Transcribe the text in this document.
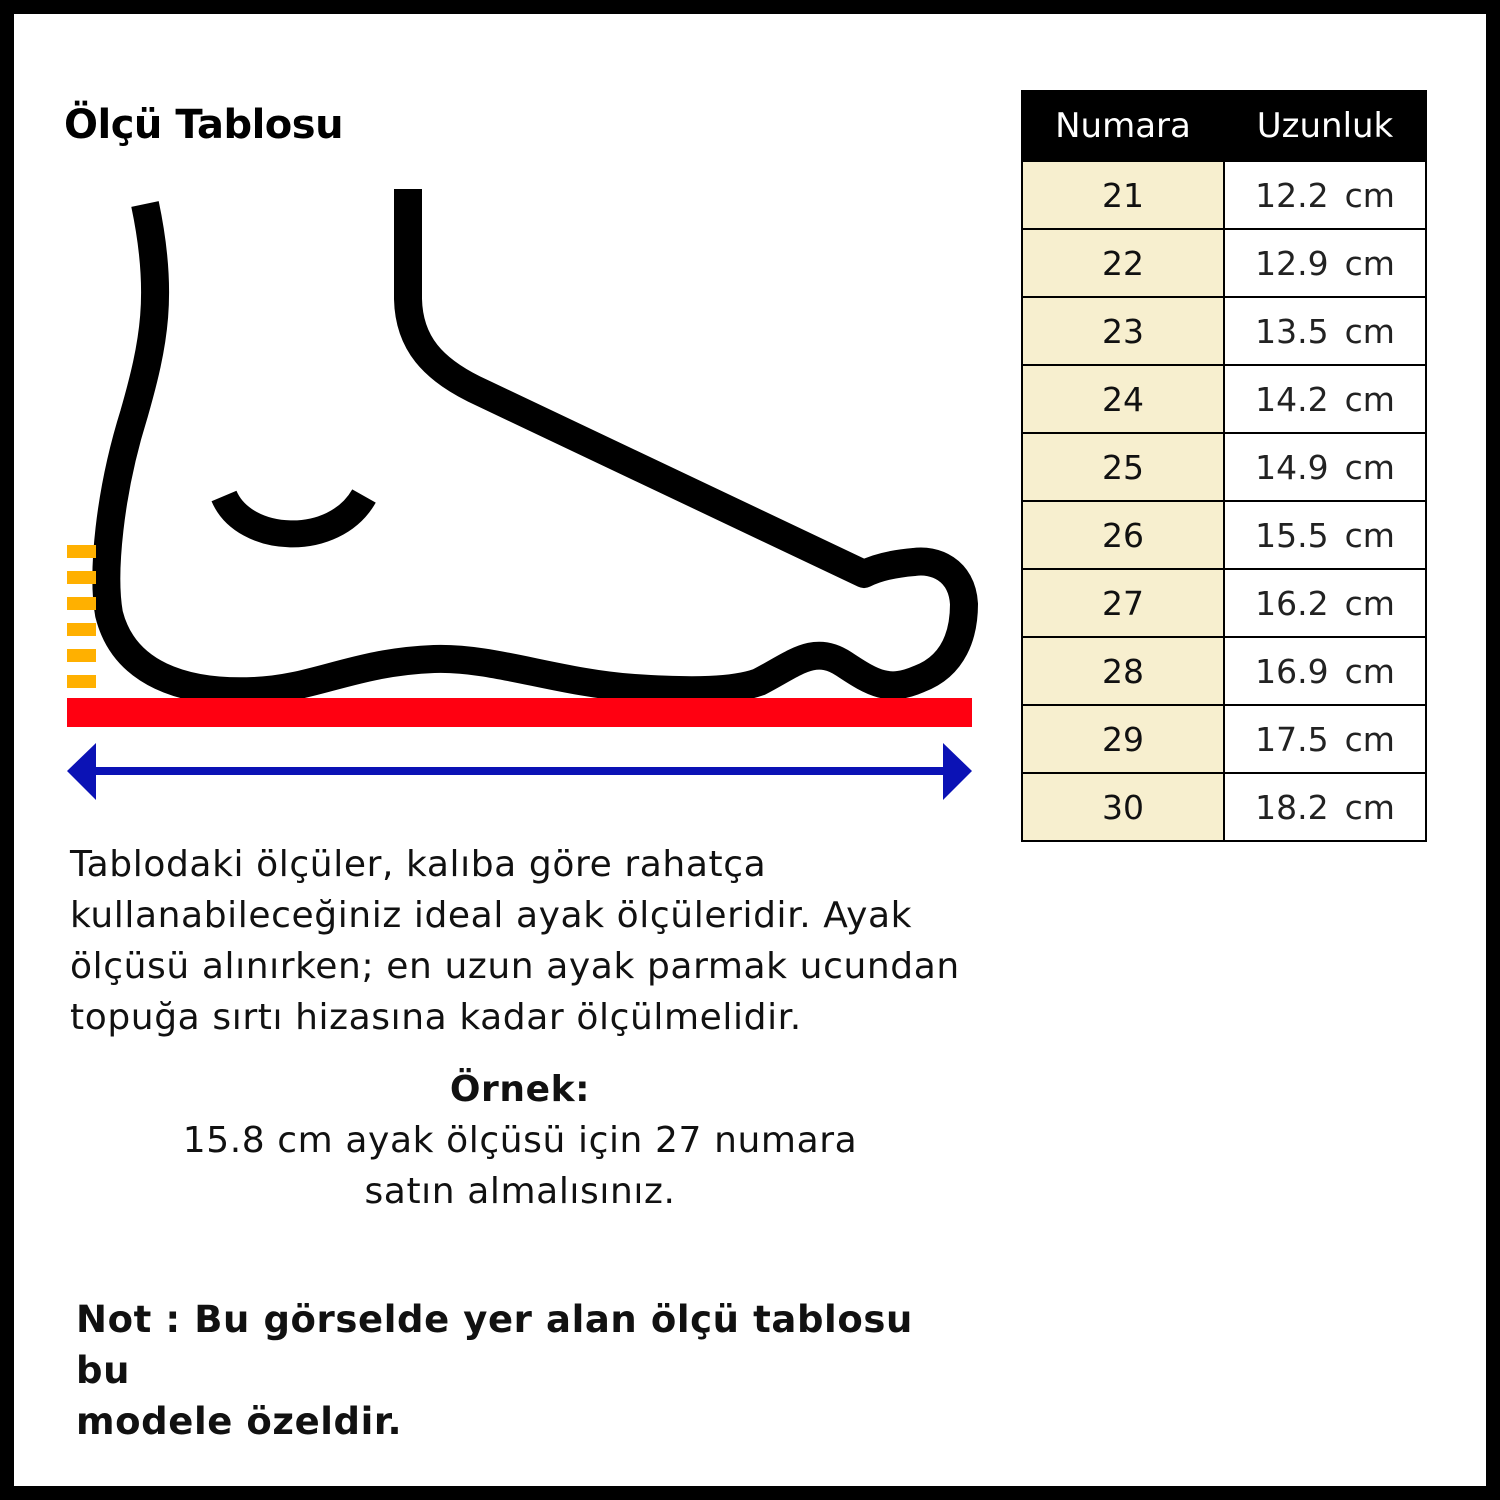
Ölçü Tablosu	Numara	Uzunluk
21	12.2 cm
22	12.9 cm
23	13.5 cm
24	14.2 cm
25	14.9 cm
26	15.5 cm
27	16.2 cm
28	16.9 cm
29	17.5 cm
30	18.2 cm
Tablodaki ölçüler, kalıba göre rahatça
kullanabileceğiniz ideal ayak ölçüleridir. Ayak
ölçüsü alınırken; en uzun ayak parmak ucundan
topuğa sırtı hizasına kadar ölçülmelidir.
Örnek:
15.8 cm ayak ölçüsü için 27 numara
satın almalısınız.
Not : Bu görselde yer alan ölçü tablosu bu
modele özeldir.
